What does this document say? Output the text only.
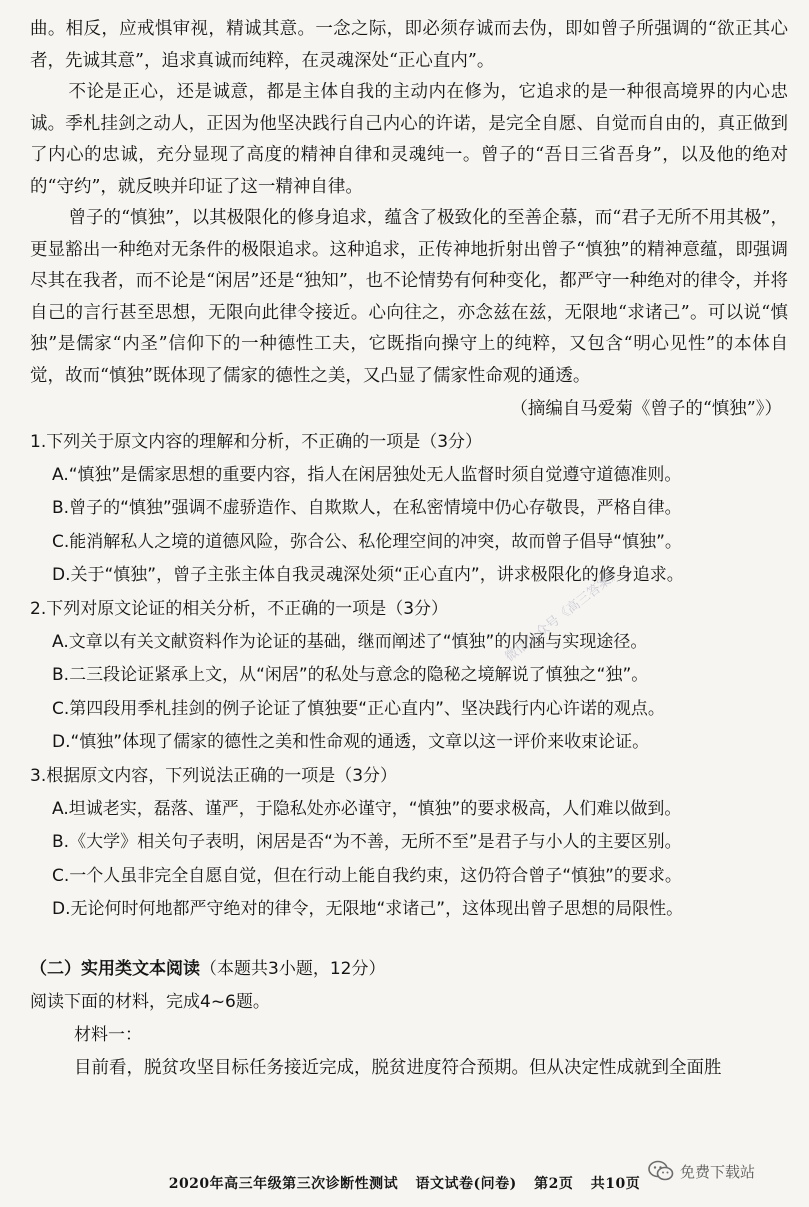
曲。相反，应戒惧审视，精诚其意。一念之际，即必须存诚而去伪，即如曾子所强调的“欲正其心者，先诚其意”，追求真诚而纯粹，在灵魂深处“正心直内”。

不论是正心，还是诚意，都是主体自我的主动内在修为，它追求的是一种很高境界的内心忠诚。季札挂剑之动人，正因为他坚决践行自己内心的许诺，是完全自愿、自觉而自由的，真正做到了内心的忠诚，充分显现了高度的精神自律和灵魂纯一。曾子的“吾日三省吾身”，以及他的绝对的“守约”，就反映并印证了这一精神自律。

曾子的“慎独”，以其极限化的修身追求，蕴含了极致化的至善企慕，而“君子无所不用其极”，更显豁出一种绝对无条件的极限追求。这种追求，正传神地折射出曾子“慎独”的精神意蕴，即强调尽其在我者，而不论是“闲居”还是“独知”，也不论情势有何种变化，都严守一种绝对的律令，并将自己的言行甚至思想，无限向此律令接近。心向往之，亦念兹在兹，无限地“求诸己”。可以说“慎独”是儒家“内圣”信仰下的一种德性工夫，它既指向操守上的纯粹，又包含“明心见性”的本体自觉，故而“慎独”既体现了儒家的德性之美，又凸显了儒家性命观的通透。

（摘编自马爱菊《曾子的“慎独”》）

1.下列关于原文内容的理解和分析，不正确的一项是（3分）

A.“慎独”是儒家思想的重要内容，指人在闲居独处无人监督时须自觉遵守道德准则。

B.曾子的“慎独”强调不虚骄造作、自欺欺人，在私密情境中仍心存敬畏，严格自律。

C.能消解私人之境的道德风险，弥合公、私伦理空间的冲突，故而曾子倡导“慎独”。

D.关于“慎独”，曾子主张主体自我灵魂深处须“正心直内”，讲求极限化的修身追求。

2.下列对原文论证的相关分析，不正确的一项是（3分）

A.文章以有关文献资料作为论证的基础，继而阐述了“慎独”的内涵与实现途径。

B.二三段论证紧承上文，从“闲居”的私处与意念的隐秘之境解说了慎独之“独”。

C.第四段用季札挂剑的例子论证了慎独要“正心直内”、坚决践行内心许诺的观点。

D.“慎独”体现了儒家的德性之美和性命观的通透，文章以这一评价来收束论证。

3.根据原文内容，下列说法正确的一项是（3分）

A.坦诚老实，磊落、谨严，于隐私处亦必谨守，“慎独”的要求极高，人们难以做到。

B.《大学》相关句子表明，闲居是否“为不善，无所不至”是君子与小人的主要区别。

C.一个人虽非完全自愿自觉，但在行动上能自我约束，这仍符合曾子“慎独”的要求。

D.无论何时何地都严守绝对的律令，无限地“求诸己”，这体现出曾子思想的局限性。

（二）实用类文本阅读（本题共3小题，12分）

阅读下面的材料，完成4~6题。

材料一：

目前看，脱贫攻坚目标任务接近完成，脱贫进度符合预期。但从决定性成就到全面胜

微信公众号《高三答案》
2020年高三年级第三次诊断性测试 语文试卷(问卷) 第2页 共10页
免费下载站
